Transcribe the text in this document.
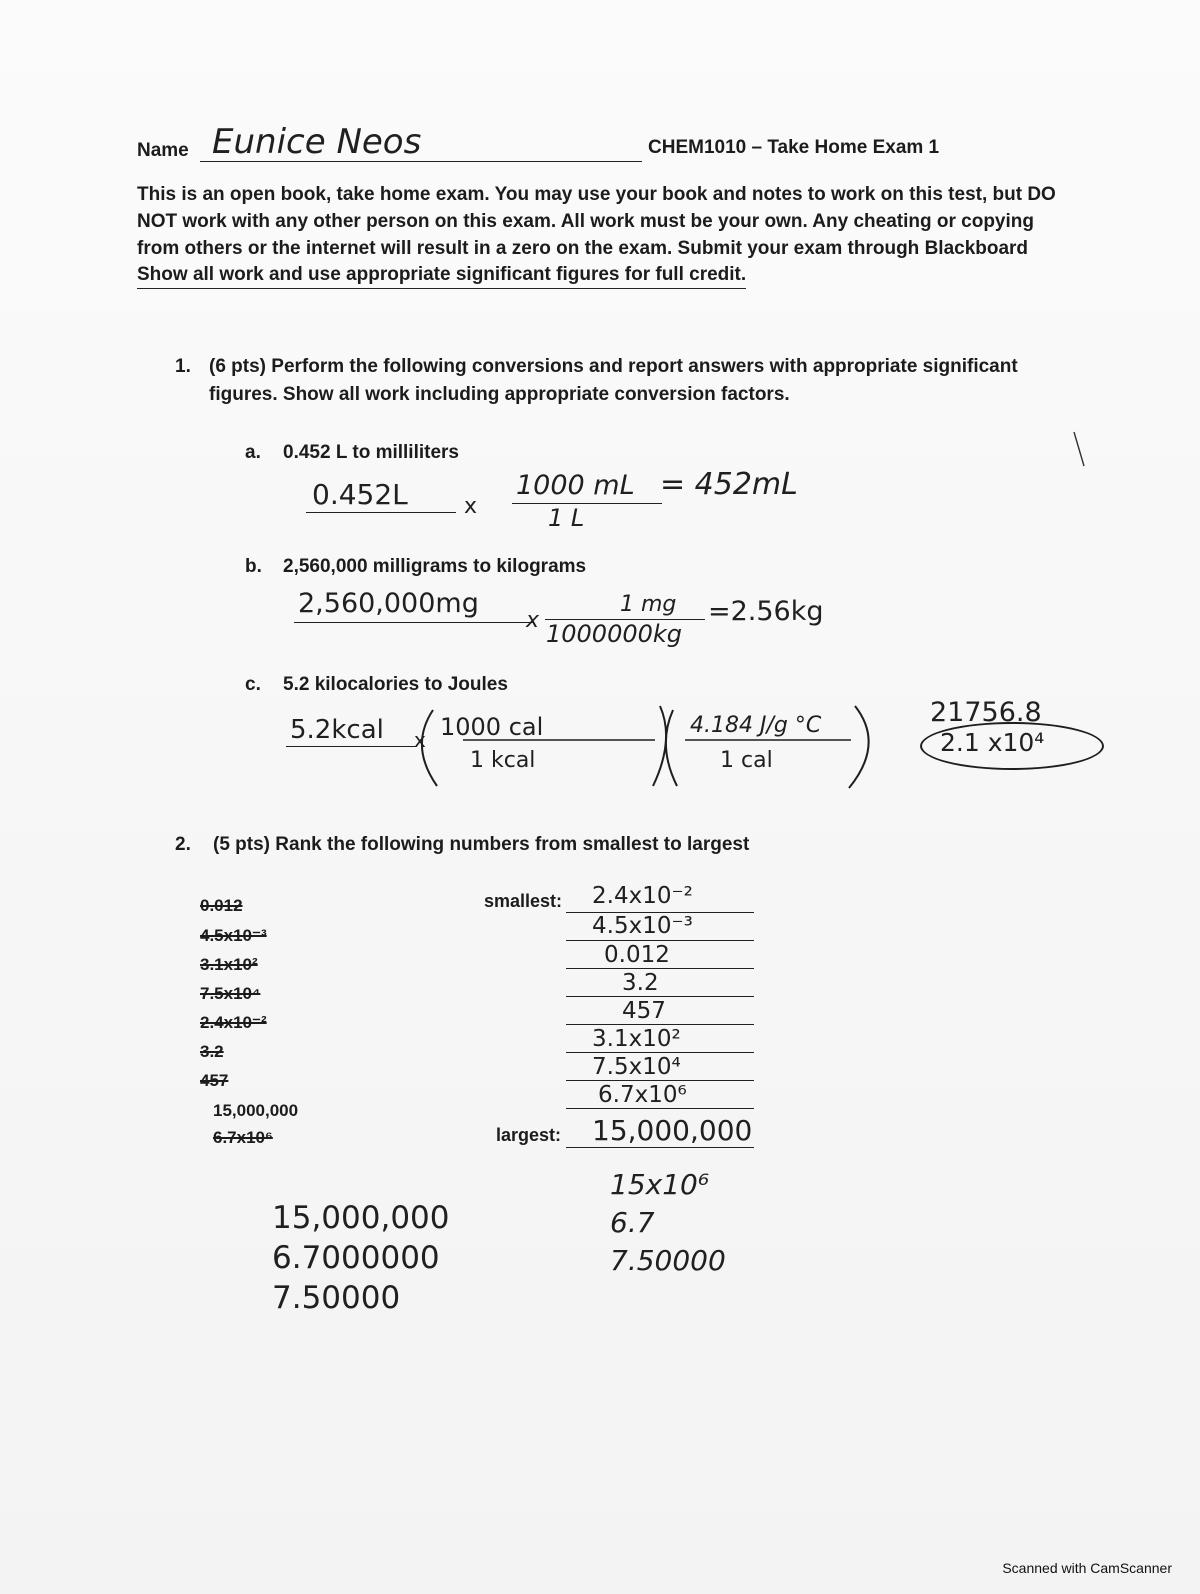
Name Eunice Neos	CHEM1010 – Take Home Exam 1
This is an open book, take home exam. You may use your book and notes to work on this test, but DO
NOT work with any other person on this exam. All work must be your own. Any cheating or copying
from others or the internet will result in a zero on the exam. Submit your exam through Blackboard
Show all work and use appropriate significant figures for full credit.
1. (6 pts) Perform the following conversions and report answers with appropriate significant
figures. Show all work including appropriate conversion factors.
a. 0.452 L to milliliters
0.452L	x
1000 mL
1 L
= 452mL
b. 2,560,000 milligrams to kilograms
2,560,000mg
x
1 mg
1000000kg
=2.56kg
c. 5.2 kilocalories to Joules
5.2kcal x 1000 cal
1 kcal
4.184 J/g °C
1 cal
21756.8
2.1 x10⁴
2. (5 pts) Rank the following numbers from smallest to largest
0.012
4.5x10⁻³
3.1x10²
7.5x10⁴
2.4x10⁻²
3.2
457
15,000,000
6.7x10⁶
smallest:
largest:
2.4x10⁻²
4.5x10⁻³
0.012
3.2
457
3.1x10²
7.5x10⁴
6.7x10⁶
15,000,000
15,000,000
6.7000000
7.50000
15x10⁶
6.7
7.50000
Scanned with CamScanner
